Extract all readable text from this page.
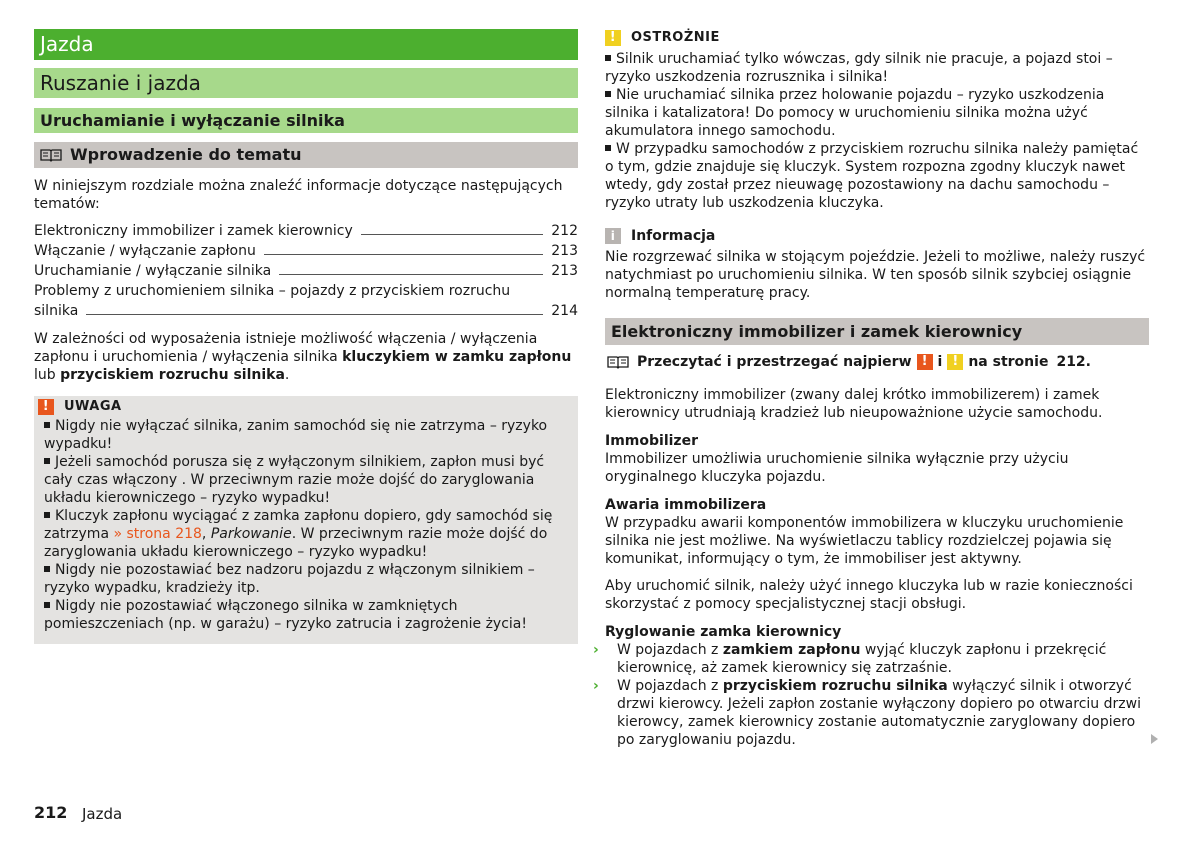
Jazda
Ruszanie i jazda
Uruchamianie i wyłączanie silnika
Wprowadzenie do tematu
W niniejszym rozdziale można znaleźć informacje dotyczące następujących tematów:
Elektroniczny immobilizer i zamek kierownicy	212
Włączanie / wyłączanie zapłonu	213
Uruchamianie / wyłączanie silnika	213
Problemy z uruchomieniem silnika – pojazdy z przyciskiem rozruchu
silnika	214
W zależności od wyposażenia istnieje możliwość włączenia / wyłączenia zapłonu i uruchomienia / wyłączenia silnika kluczykiem w zamku zapłonu lub przyciskiem rozruchu silnika.
!	UWAGA
Nigdy nie wyłączać silnika, zanim samochód się nie zatrzyma – ryzyko wypadku!
Jeżeli samochód porusza się z wyłączonym silnikiem, zapłon musi być cały czas włączony . W przeciwnym razie może dojść do zaryglowania układu kierowniczego – ryzyko wypadku!
Kluczyk zapłonu wyciągać z zamka zapłonu dopiero, gdy samochód się zatrzyma » strona 218, Parkowanie. W przeciwnym razie może dojść do zaryglowania układu kierowniczego – ryzyko wypadku!
Nigdy nie pozostawiać bez nadzoru pojazdu z włączonym silnikiem – ryzyko wypadku, kradzieży itp.
Nigdy nie pozostawiać włączonego silnika w zamkniętych pomieszczeniach (np. w garażu) – ryzyko zatrucia i zagrożenie życia!
!	OSTROŻNIE
Silnik uruchamiać tylko wówczas, gdy silnik nie pracuje, a pojazd stoi – ryzyko uszkodzenia rozrusznika i silnika!
Nie uruchamiać silnika przez holowanie pojazdu – ryzyko uszkodzenia silnika i katalizatora! Do pomocy w uruchomieniu silnika można użyć akumulatora innego samochodu.
W przypadku samochodów z przyciskiem rozruchu silnika należy pamiętać o tym, gdzie znajduje się kluczyk. System rozpozna zgodny kluczyk nawet wtedy, gdy został przez nieuwagę pozostawiony na dachu samochodu – ryzyko utraty lub uszkodzenia kluczyka.
i	Informacja
Nie rozgrzewać silnika w stojącym pojeździe. Jeżeli to możliwe, należy ruszyć natychmiast po uruchomieniu silnika. W ten sposób silnik szybciej osiągnie normalną temperaturę pracy.
Elektroniczny immobilizer i zamek kierownicy
Przeczytać i przestrzegać najpierw ! i ! na stronie 212.
Elektroniczny immobilizer (zwany dalej krótko immobilizerem) i zamek kierownicy utrudniają kradzież lub nieupoważnione użycie samochodu.
Immobilizer
Immobilizer umożliwia uruchomienie silnika wyłącznie przy użyciu oryginalnego kluczyka pojazdu.
Awaria immobilizera
W przypadku awarii komponentów immobilizera w kluczyku uruchomienie silnika nie jest możliwe. Na wyświetlaczu tablicy rozdzielczej pojawia się komunikat, informujący o tym, że immobiliser jest aktywny.
Aby uruchomić silnik, należy użyć innego kluczyka lub w razie konieczności skorzystać z pomocy specjalistycznej stacji obsługi.
Ryglowanie zamka kierownicy
› W pojazdach z zamkiem zapłonu wyjąć kluczyk zapłonu i przekręcić kierownicę, aż zamek kierownicy się zatrzaśnie.
› W pojazdach z przyciskiem rozruchu silnika wyłączyć silnik i otworzyć drzwi kierowcy. Jeżeli zapłon zostanie wyłączony dopiero po otwarciu drzwi kierowcy, zamek kierownicy zostanie automatycznie zaryglowany dopiero po zaryglowaniu pojazdu.
212 Jazda
